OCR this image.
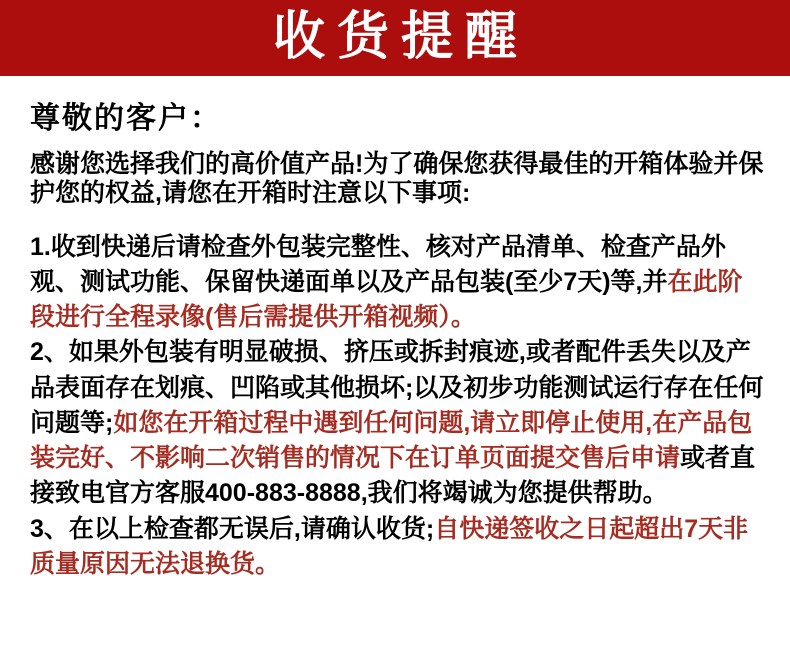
收货提醒
尊敬的客户：

感谢您选择我们的高价值产品!为了确保您获得最佳的开箱体验并保护您的权益,请您在开箱时注意以下事项:

1.收到快递后请检查外包装完整性、核对产品清单、检查产品外观、测试功能、保留快递面单以及产品包装(至少7天)等,并在此阶段进行全程录像(售后需提供开箱视频）。

2、如果外包装有明显破损、挤压或拆封痕迹,或者配件丢失以及产品表面存在划痕、凹陷或其他损坏;以及初步功能测试运行存在任何问题等;如您在开箱过程中遇到任何问题,请立即停止使用,在产品包装完好、不影响二次销售的情况下在订单页面提交售后申请或者直接致电官方客服400-883-8888,我们将竭诚为您提供帮助。

3、在以上检查都无误后,请确认收货;自快递签收之日起超出7天非质量原因无法退换货。
